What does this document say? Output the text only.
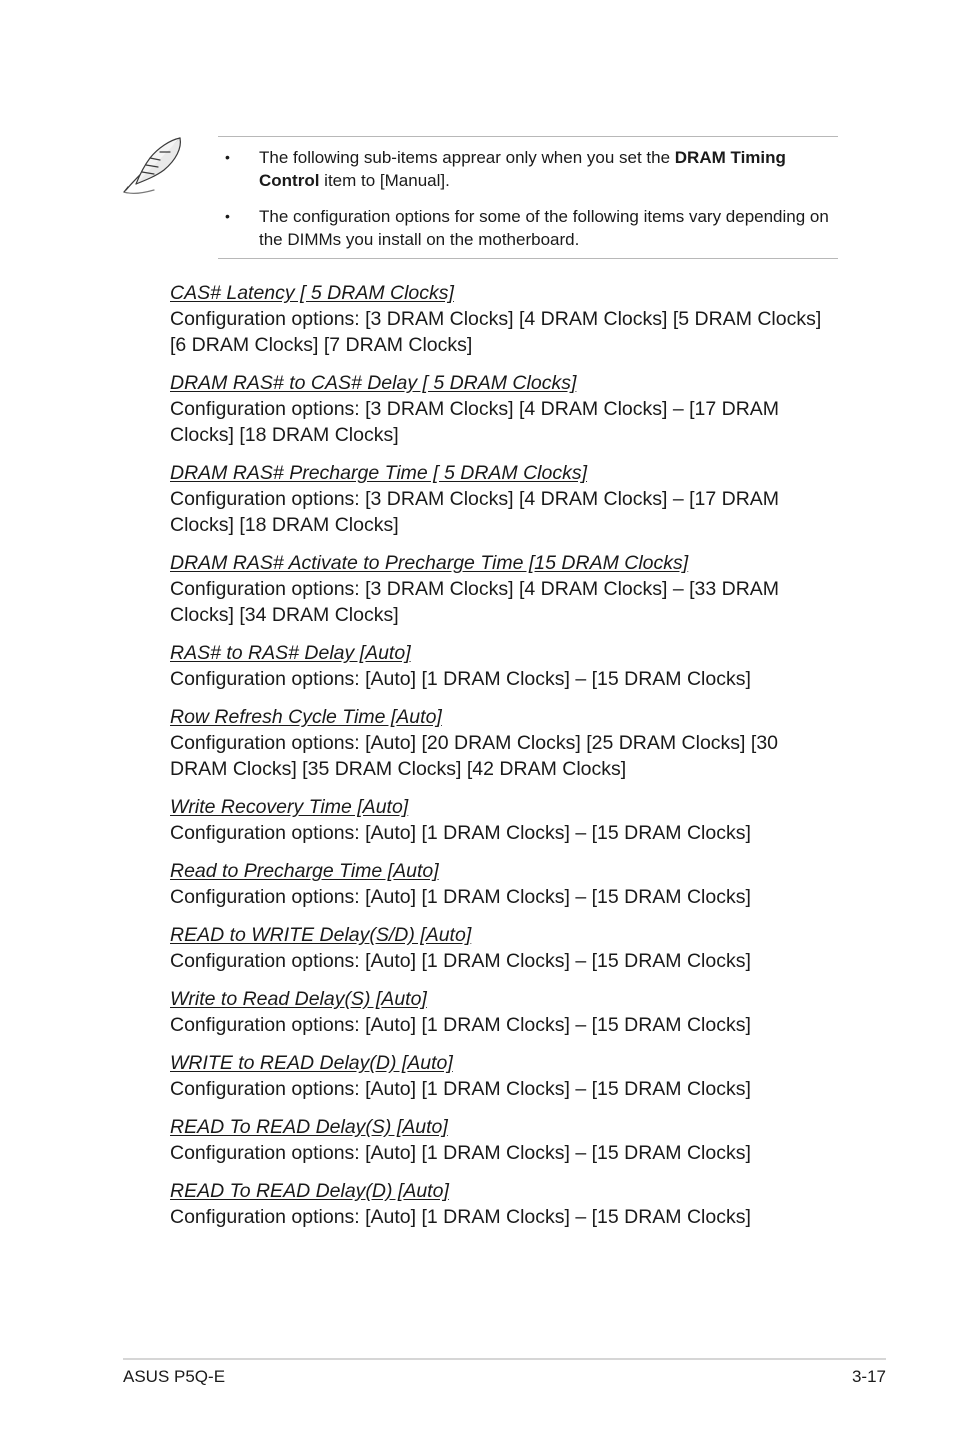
• The following sub-items apprear only when you set the DRAM Timing Control item to [Manual].
• The configuration options for some of the following items vary depending on the DIMMs you install on the motherboard.
CAS# Latency [ 5 DRAM Clocks]
Configuration options: [3 DRAM Clocks] [4 DRAM Clocks] [5 DRAM Clocks] [6 DRAM Clocks] [7 DRAM Clocks]
DRAM RAS# to CAS# Delay [ 5 DRAM Clocks]
Configuration options: [3 DRAM Clocks] [4 DRAM Clocks] – [17 DRAM Clocks] [18 DRAM Clocks]
DRAM RAS# Precharge Time [ 5 DRAM Clocks]
Configuration options: [3 DRAM Clocks] [4 DRAM Clocks] – [17 DRAM Clocks] [18 DRAM Clocks]
DRAM RAS# Activate to Precharge Time [15 DRAM Clocks]
Configuration options: [3 DRAM Clocks] [4 DRAM Clocks] – [33 DRAM Clocks] [34 DRAM Clocks]
RAS# to RAS# Delay [Auto]
Configuration options: [Auto] [1 DRAM Clocks] – [15 DRAM Clocks]
Row Refresh Cycle Time [Auto]
Configuration options: [Auto] [20 DRAM Clocks] [25 DRAM Clocks] [30 DRAM Clocks] [35 DRAM Clocks] [42 DRAM Clocks]
Write Recovery Time [Auto]
Configuration options: [Auto] [1 DRAM Clocks] – [15 DRAM Clocks]
Read to Precharge Time [Auto]
Configuration options: [Auto] [1 DRAM Clocks] – [15 DRAM Clocks]
READ to WRITE Delay(S/D) [Auto]
Configuration options: [Auto] [1 DRAM Clocks] – [15 DRAM Clocks]
Write to Read Delay(S) [Auto]
Configuration options: [Auto] [1 DRAM Clocks] – [15 DRAM Clocks]
WRITE to READ Delay(D) [Auto]
Configuration options: [Auto] [1 DRAM Clocks] – [15 DRAM Clocks]
READ To READ Delay(S) [Auto]
Configuration options: [Auto] [1 DRAM Clocks] – [15 DRAM Clocks]
READ To READ Delay(D) [Auto]
Configuration options: [Auto] [1 DRAM Clocks] – [15 DRAM Clocks]
ASUS P5Q-E	3-17
